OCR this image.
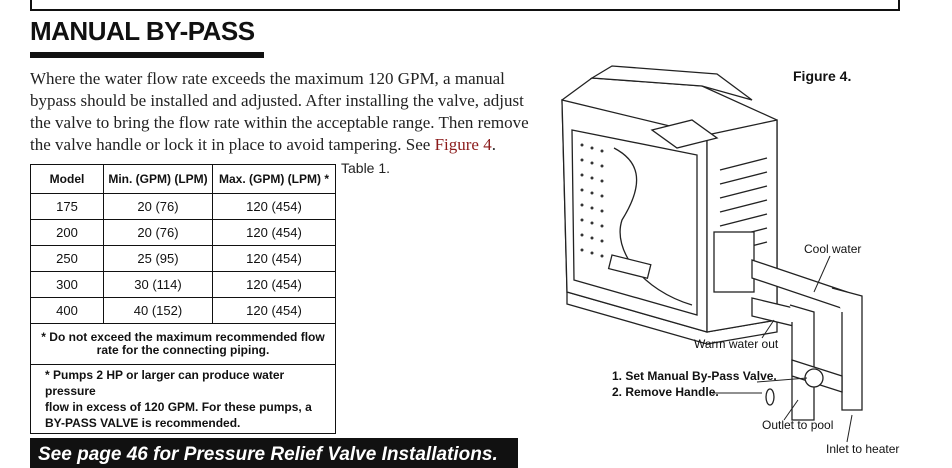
MANUAL BY-PASS
Where the water flow rate exceeds the maximum 120 GPM, a manual
bypass should be installed and adjusted. After installing the valve, adjust
the valve to bring the flow rate within the acceptable range. Then remove
the valve handle or lock it in place to avoid tampering. See Figure 4.
Table 1.
Model	Min. (GPM) (LPM)	Max. (GPM) (LPM) *
175	20 (76)	120 (454)
200	20 (76)	120 (454)
250	25 (95)	120 (454)
300	30 (114)	120 (454)
400	40 (152)	120 (454)
* Do not exceed the maximum recommended flow
rate for the connecting piping.		
* Pumps 2 HP or larger can produce water pressure
flow in excess of 120 GPM. For these pumps, a
BY-PASS VALVE is recommended.		
See page 46 for Pressure Relief Valve Installations.
Figure 4.
Cool water
Warm water out
1. Set Manual By-Pass Valve.
2. Remove Handle.
Outlet to pool
Inlet to heater
